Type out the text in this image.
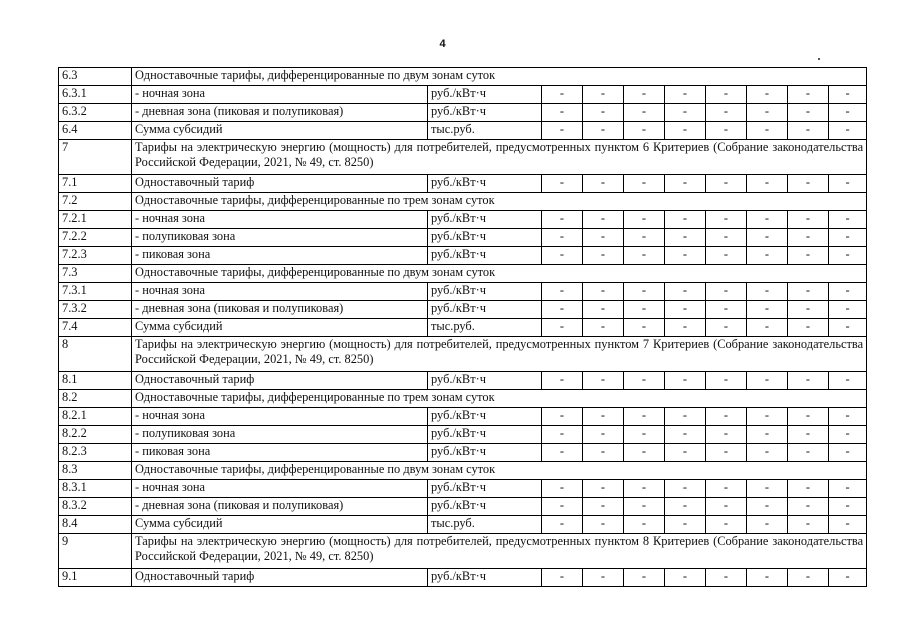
4
6.3	Одноставочные тарифы, дифференцированные по двум зонам суток									
6.3.1	- ночная зона	руб./кВт·ч	-	-	-	-	-	-	-	-
6.3.2	- дневная зона (пиковая и полупиковая)	руб./кВт·ч	-	-	-	-	-	-	-	-
6.4	Сумма субсидий	тыс.руб.	-	-	-	-	-	-	-	-
7	Тарифы на электрическую энергию (мощность) для потребителей, предусмотренных пунктом 6 Критериев (Собрание законодательства Российской Федерации, 2021, № 49, ст. 8250)									
7.1	Одноставочный тариф	руб./кВт·ч	-	-	-	-	-	-	-	-
7.2	Одноставочные тарифы, дифференцированные по трем зонам суток									
7.2.1	- ночная зона	руб./кВт·ч	-	-	-	-	-	-	-	-
7.2.2	- полупиковая зона	руб./кВт·ч	-	-	-	-	-	-	-	-
7.2.3	- пиковая зона	руб./кВт·ч	-	-	-	-	-	-	-	-
7.3	Одноставочные тарифы, дифференцированные по двум зонам суток									
7.3.1	- ночная зона	руб./кВт·ч	-	-	-	-	-	-	-	-
7.3.2	- дневная зона (пиковая и полупиковая)	руб./кВт·ч	-	-	-	-	-	-	-	-
7.4	Сумма субсидий	тыс.руб.	-	-	-	-	-	-	-	-
8	Тарифы на электрическую энергию (мощность) для потребителей, предусмотренных пунктом 7 Критериев (Собрание законодательства Российской Федерации, 2021, № 49, ст. 8250)									
8.1	Одноставочный тариф	руб./кВт·ч	-	-	-	-	-	-	-	-
8.2	Одноставочные тарифы, дифференцированные по трем зонам суток									
8.2.1	- ночная зона	руб./кВт·ч	-	-	-	-	-	-	-	-
8.2.2	- полупиковая зона	руб./кВт·ч	-	-	-	-	-	-	-	-
8.2.3	- пиковая зона	руб./кВт·ч	-	-	-	-	-	-	-	-
8.3	Одноставочные тарифы, дифференцированные по двум зонам суток									
8.3.1	- ночная зона	руб./кВт·ч	-	-	-	-	-	-	-	-
8.3.2	- дневная зона (пиковая и полупиковая)	руб./кВт·ч	-	-	-	-	-	-	-	-
8.4	Сумма субсидий	тыс.руб.	-	-	-	-	-	-	-	-
9	Тарифы на электрическую энергию (мощность) для потребителей, предусмотренных пунктом 8 Критериев (Собрание законодательства Российской Федерации, 2021, № 49, ст. 8250)									
9.1	Одноставочный тариф	руб./кВт·ч	-	-	-	-	-	-	-	-
